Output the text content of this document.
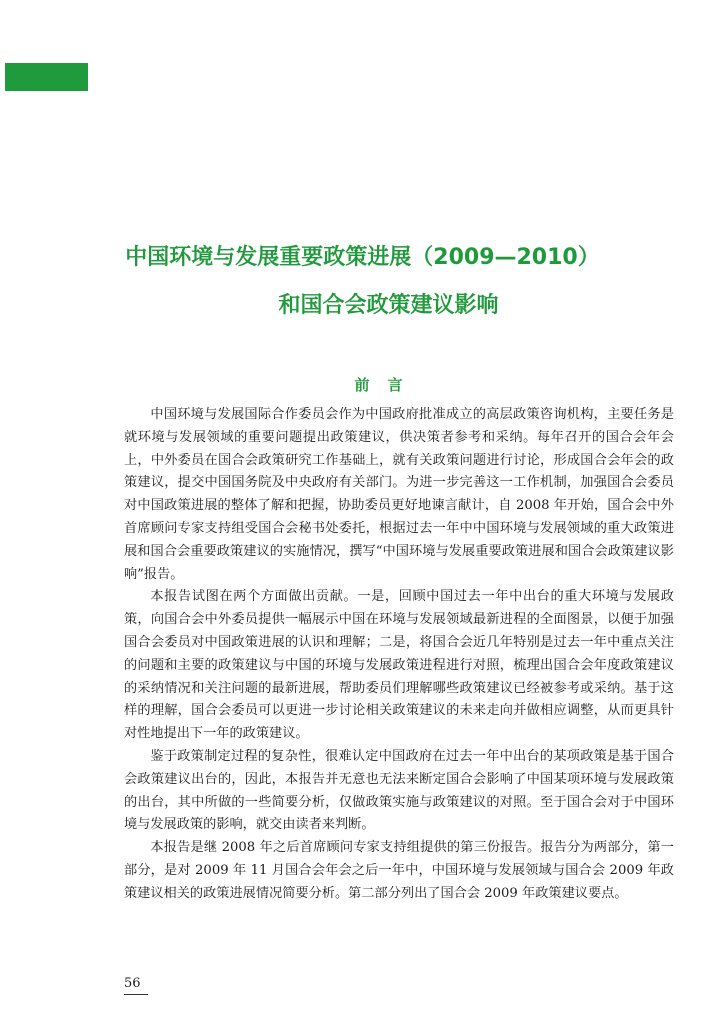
中国环境与发展重要政策进展（2009—2010）
和国合会政策建议影响
前言

中国环境与发展国际合作委员会作为中国政府批准成立的高层政策咨询机构，主要任务是就环境与发展领域的重要问题提出政策建议，供决策者参考和采纳。每年召开的国合会年会上，中外委员在国合会政策研究工作基础上，就有关政策问题进行讨论，形成国合会年会的政策建议，提交中国国务院及中央政府有关部门。为进一步完善这一工作机制，加强国合会委员对中国政策进展的整体了解和把握，协助委员更好地谏言献计，自 2008 年开始，国合会中外首席顾问专家支持组受国合会秘书处委托，根据过去一年中中国环境与发展领域的重大政策进展和国合会重要政策建议的实施情况，撰写“中国环境与发展重要政策进展和国合会政策建议影响”报告。

本报告试图在两个方面做出贡献。一是，回顾中国过去一年中出台的重大环境与发展政策，向国合会中外委员提供一幅展示中国在环境与发展领域最新进程的全面图景，以便于加强国合会委员对中国政策进展的认识和理解；二是，将国合会近几年特别是过去一年中重点关注的问题和主要的政策建议与中国的环境与发展政策进程进行对照，梳理出国合会年度政策建议的采纳情况和关注问题的最新进展，帮助委员们理解哪些政策建议已经被参考或采纳。基于这样的理解，国合会委员可以更进一步讨论相关政策建议的未来走向并做相应调整，从而更具针对性地提出下一年的政策建议。

鉴于政策制定过程的复杂性，很难认定中国政府在过去一年中出台的某项政策是基于国合会政策建议出台的，因此，本报告并无意也无法来断定国合会影响了中国某项环境与发展政策的出台，其中所做的一些简要分析，仅做政策实施与政策建议的对照。至于国合会对于中国环境与发展政策的影响，就交由读者来判断。

本报告是继 2008 年之后首席顾问专家支持组提供的第三份报告。报告分为两部分，第一部分，是对 2009 年 11 月国合会年会之后一年中，中国环境与发展领域与国合会 2009 年政策建议相关的政策进展情况简要分析。第二部分列出了国合会 2009 年政策建议要点。

56
